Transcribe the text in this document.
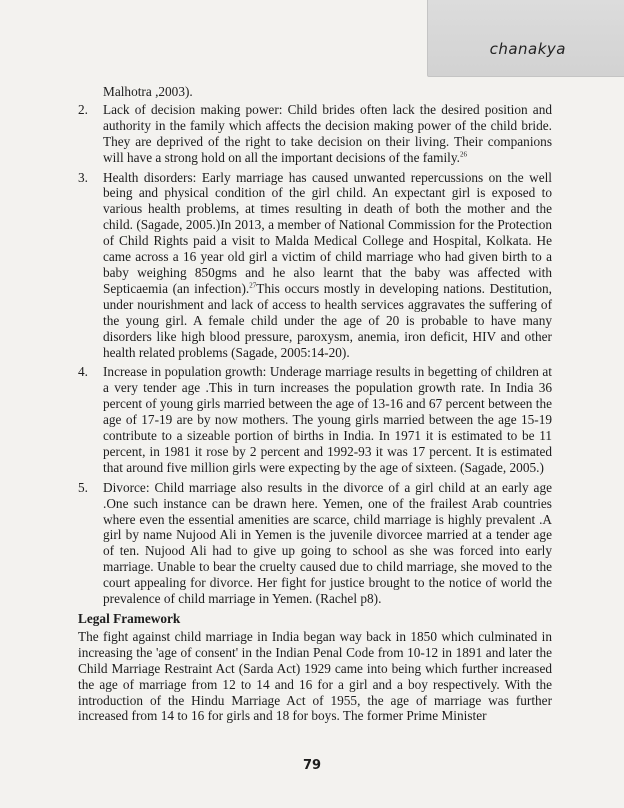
chanakya

Malhotra ,2003).

2. Lack of decision making power: Child brides often lack the desired position and authority in the family which affects the decision making power of the child bride. They are deprived of the right to take decision on their living. Their companions will have a strong hold on all the important decisions of the family.$^{26}$
3. Health disorders: Early marriage has caused unwanted repercussions on the well being and physical condition of the girl child. An expectant girl is exposed to various health problems, at times resulting in death of both the mother and the child. (Sagade, 2005.)In 2013, a member of National Commission for the Protection of Child Rights paid a visit to Malda Medical College and Hospital, Kolkata. He came across a 16 year old girl a victim of child marriage who had given birth to a baby weighing 850gms and he also learnt that the baby was affected with Septicaemia (an infection).$^{27}$This occurs mostly in developing nations. Destitution, under nourishment and lack of access to health services aggravates the suffering of the young girl. A female child under the age of 20 is probable to have many disorders like high blood pressure, paroxysm, anemia, iron deficit, HIV and other health related problems (Sagade, 2005:14-20).
4. Increase in population growth: Underage marriage results in begetting of children at a very tender age .This in turn increases the population growth rate. In India 36 percent of young girls married between the age of 13-16 and 67 percent between the age of 17-19 are by now mothers. The young girls married between the age 15-19 contribute to a sizeable portion of births in India. In 1971 it is estimated to be 11 percent, in 1981 it rose by 2 percent and 1992-93 it was 17 percent. It is estimated that around five million girls were expecting by the age of sixteen. (Sagade, 2005.)
5. Divorce: Child marriage also results in the divorce of a girl child at an early age .One such instance can be drawn here. Yemen, one of the frailest Arab countries where even the essential amenities are scarce, child marriage is highly prevalent .A girl by name Nujood Ali in Yemen is the juvenile divorcee married at a tender age of ten. Nujood Ali had to give up going to school as she was forced into early marriage. Unable to bear the cruelty caused due to child marriage, she moved to the court appealing for divorce. Her fight for justice brought to the notice of world the prevalence of child marriage in Yemen. (Rachel p8).
Legal Framework

The fight against child marriage in India began way back in 1850 which culminated in increasing the 'age of consent' in the Indian Penal Code from 10-12 in 1891 and later the Child Marriage Restraint Act (Sarda Act) 1929 came into being which further increased the age of marriage from 12 to 14 and 16 for a girl and a boy respectively. With the introduction of the Hindu Marriage Act of 1955, the age of marriage was further increased from 14 to 16 for girls and 18 for boys. The former Prime Minister

79
